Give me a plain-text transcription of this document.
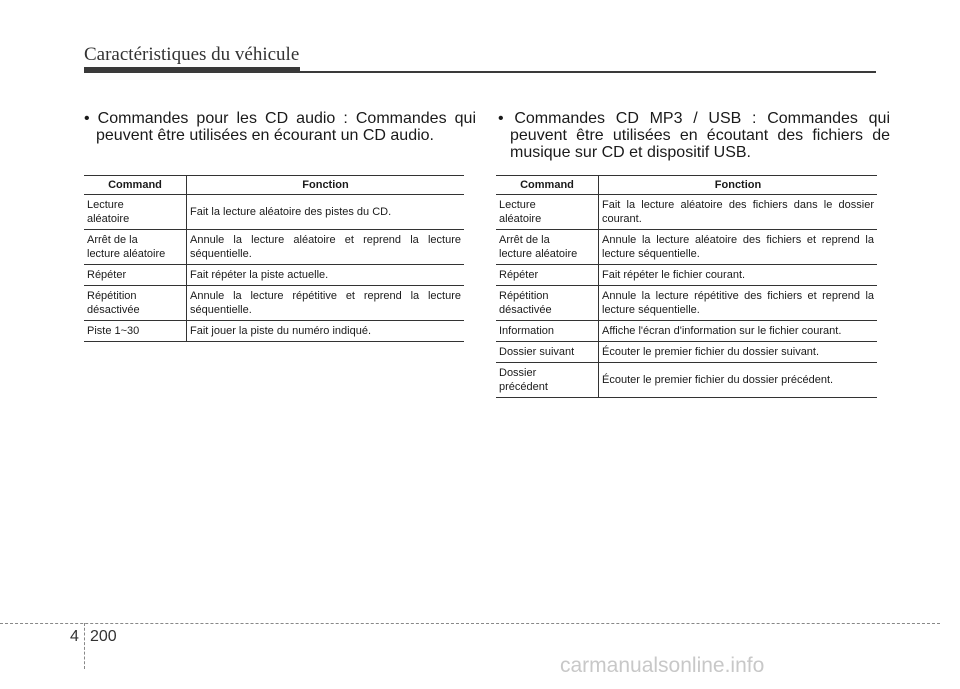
Caractéristiques du véhicule
• Commandes pour les CD audio : Commandes qui peuvent être utilisées en écourant un CD audio.
Command	Fonction
Lecture
aléatoire	Fait la lecture aléatoire des pistes du CD.
Arrêt de la
lecture aléatoire	Annule la lecture aléatoire et reprend la lecture séquentielle.
Répéter	Fait répéter la piste actuelle.
Répétition
désactivée	Annule la lecture répétitive et reprend la lecture séquentielle.
Piste 1~30	Fait jouer la piste du numéro indiqué.
• Commandes CD MP3 / USB : Commandes qui peuvent être utilisées en écoutant des fichiers de musique sur CD et dispositif USB.
Command	Fonction
Lecture
aléatoire	Fait la lecture aléatoire des fichiers dans le dossier courant.
Arrêt de la
lecture aléatoire	Annule la lecture aléatoire des fichiers et reprend la lecture séquentielle.
Répéter	Fait répéter le fichier courant.
Répétition
désactivée	Annule la lecture répétitive des fichiers et reprend la lecture séquentielle.
Information	Affiche l'écran d'information sur le fichier courant.
Dossier suivant	Écouter le premier fichier du dossier suivant.
Dossier
précédent	Écouter le premier fichier du dossier précédent.
4 200
carmanualsonline.info
